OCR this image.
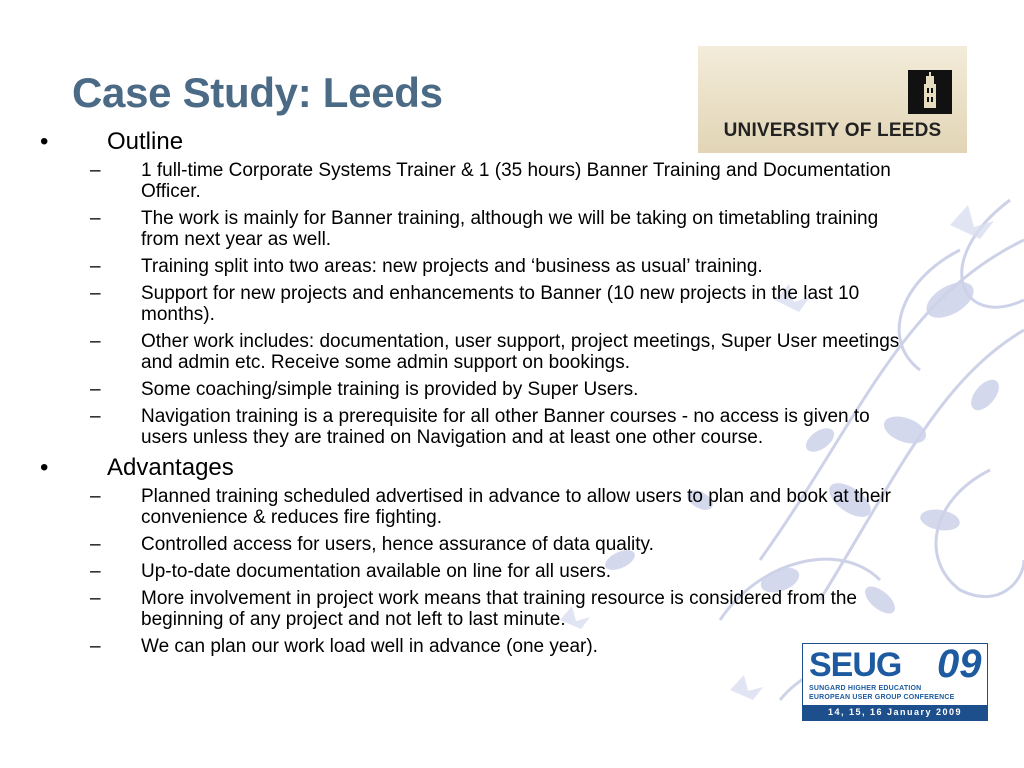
Case Study: Leeds
UNIVERSITY OF LEEDS
• Outline
– 1 full-time Corporate Systems Trainer & 1 (35 hours) Banner Training and Documentation Officer.
– The work is mainly for Banner training, although we will be taking on timetabling training from next year as well.
– Training split into two areas: new projects and ‘business as usual’ training.
– Support for new projects and enhancements to Banner (10 new projects in the last 10 months).
– Other work includes: documentation, user support, project meetings, Super User meetings and admin etc. Receive some admin support on bookings.
– Some coaching/simple training is provided by Super Users.
– Navigation training is a prerequisite for all other Banner courses - no access is given to users unless they are trained on Navigation and at least one other course.
• Advantages
– Planned training scheduled advertised in advance to allow users to plan and book at their convenience & reduces fire fighting.
– Controlled access for users, hence assurance of data quality.
– Up-to-date documentation available on line for all users.
– More involvement in project work means that training resource is considered from the beginning of any project and not left to last minute.
– We can plan our work load well in advance (one year).	SEUG 09
SUNGARD HIGHER EDUCATION
EUROPEAN USER GROUP CONFERENCE
14, 15, 16 January 2009
